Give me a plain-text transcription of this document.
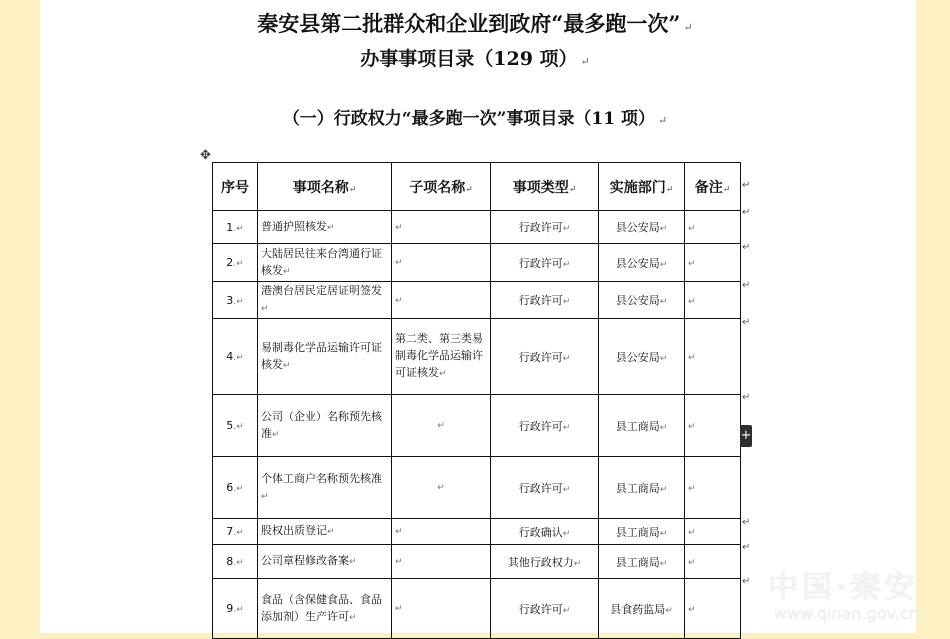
秦安县第二批群众和企业到政府“最多跑一次” ↵
办事事项目录（129 项） ↵
（一）行政权力“最多跑一次”事项目录（11 项） ↵
✥
序号	事项名称↵	子项名称↵	事项类型↵	实施部门↵	备注↵
1.↵	普通护照核发↵	↵	行政许可↵	县公安局↵	↵
2.↵	大陆居民往来台湾通行证核发↵	↵	行政许可↵	县公安局↵	↵
3.↵	港澳台居民定居证明签发↵	↵	行政许可↵	县公安局↵	↵
4.↵	易制毒化学品运输许可证核发↵	第二类、第三类易制毒化学品运输许可证核发↵	行政许可↵	县公安局↵	↵
5.↵	公司（企业）名称预先核准↵	↵	行政许可↵	县工商局↵	↵
6.↵	个体工商户名称预先核准↵	↵	行政许可↵	县工商局↵	↵
7.↵	股权出质登记↵	↵	行政确认↵	县工商局↵	↵
8.↵	公司章程修改备案↵	↵	其他行政权力↵	县工商局↵	↵
9.↵	食品（含保健食品、食品添加剂）生产许可↵	↵	行政许可↵	县食药监局↵	↵
↵
↵
↵
↵
↵
↵
↵
↵
↵
+
中国·秦安
www.qinan.gov.cn
